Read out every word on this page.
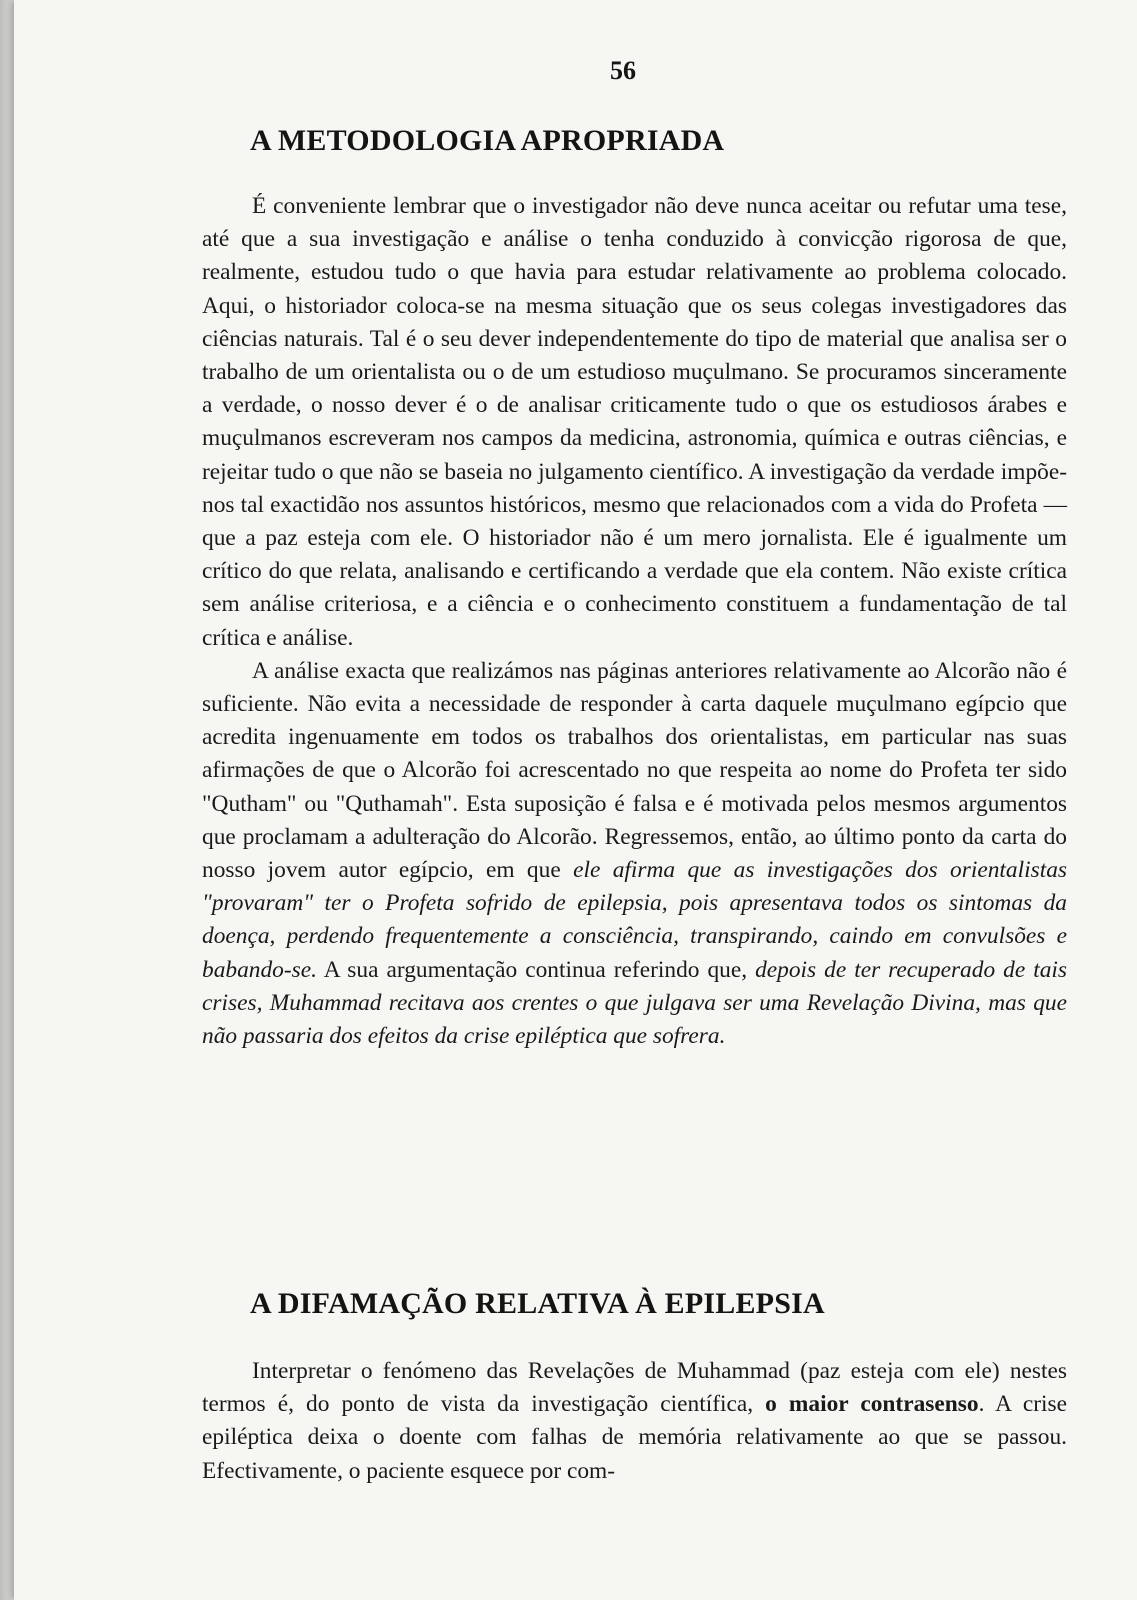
56
A METODOLOGIA APROPRIADA

É conveniente lembrar que o investigador não deve nunca aceitar ou refutar uma tese, até que a sua investigação e análise o tenha conduzido à convicção rigorosa de que, realmente, estudou tudo o que havia para estudar relativamente ao problema colocado. Aqui, o historiador coloca-se na mesma situação que os seus colegas investigadores das ciências naturais. Tal é o seu dever independentemente do tipo de material que analisa ser o trabalho de um orientalista ou o de um estudioso muçulmano. Se procuramos sinceramente a verdade, o nosso dever é o de analisar criticamente tudo o que os estudiosos árabes e muçulmanos escreveram nos campos da medicina, astronomia, química e outras ciências, e rejeitar tudo o que não se baseia no julgamento científico. A investigação da verdade impõe-nos tal exactidão nos assuntos históricos, mesmo que relacionados com a vida do Profeta — que a paz esteja com ele. O historiador não é um mero jornalista. Ele é igualmente um crítico do que relata, analisando e certificando a verdade que ela contem. Não existe crítica sem análise criteriosa, e a ciência e o conhecimento constituem a fundamentação de tal crítica e análise.

A análise exacta que realizámos nas páginas anteriores relativamente ao Alcorão não é suficiente. Não evita a necessidade de responder à carta daquele muçulmano egípcio que acredita ingenuamente em todos os trabalhos dos orientalistas, em particular nas suas afirmações de que o Alcorão foi acrescentado no que respeita ao nome do Profeta ter sido "Qutham" ou "Quthamah". Esta suposição é falsa e é motivada pelos mesmos argumentos que proclamam a adulteração do Alcorão. Regressemos, então, ao último ponto da carta do nosso jovem autor egípcio, em que ele afirma que as investigações dos orientalistas "provaram" ter o Profeta sofrido de epilepsia, pois apresentava todos os sintomas da doença, perdendo frequentemente a consciência, transpirando, caindo em convulsões e babando-se. A sua argumentação continua referindo que, depois de ter recuperado de tais crises, Muhammad recitava aos crentes o que julgava ser uma Revelação Divina, mas que não passaria dos efeitos da crise epiléptica que sofrera.

A DIFAMAÇÃO RELATIVA À EPILEPSIA

Interpretar o fenómeno das Revelações de Muhammad (paz esteja com ele) nestes termos é, do ponto de vista da investigação científica, o maior contrasenso. A crise epiléptica deixa o doente com falhas de memória relativamente ao que se passou. Efectivamente, o paciente esquece por com-
